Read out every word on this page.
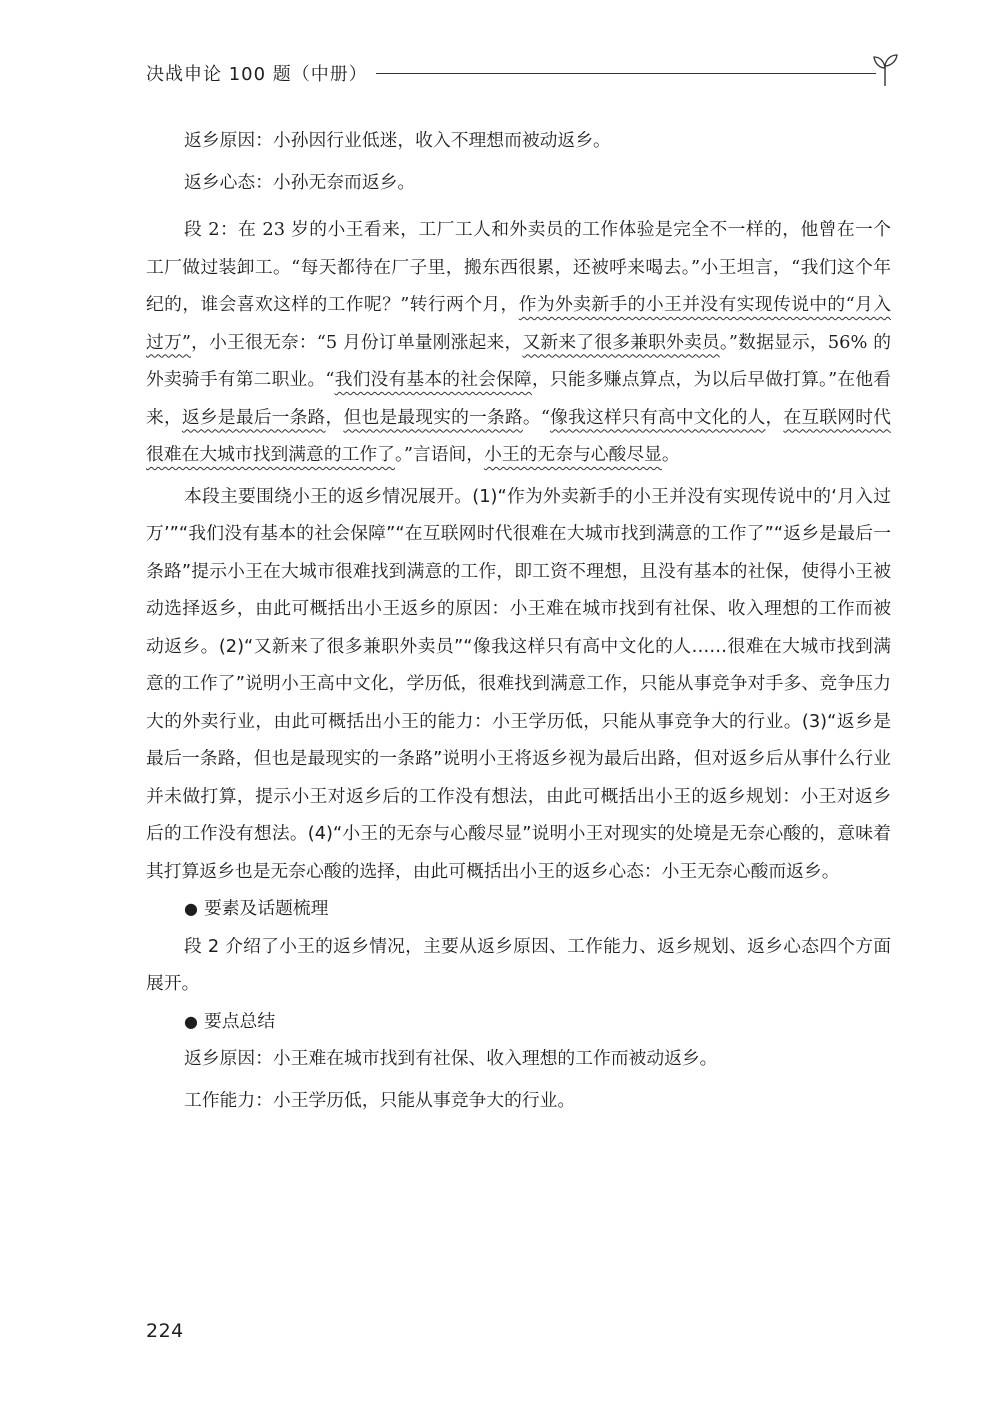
决战申论 100 题（中册）

返乡原因：小孙因行业低迷，收入不理想而被动返乡。

返乡心态：小孙无奈而返乡。

段 2：在 23 岁的小王看来，工厂工人和外卖员的工作体验是完全不一样的，他曾在一个工厂做过装卸工。“每天都待在厂子里，搬东西很累，还被呼来喝去。”小王坦言，“我们这个年纪的，谁会喜欢这样的工作呢？”转行两个月，作为外卖新手的小王并没有实现传说中的“月入过万”，小王很无奈：“5 月份订单量刚涨起来，又新来了很多兼职外卖员。”数据显示，56% 的外卖骑手有第二职业。“我们没有基本的社会保障，只能多赚点算点，为以后早做打算。”在他看来，返乡是最后一条路，但也是最现实的一条路。“像我这样只有高中文化的人，在互联网时代很难在大城市找到满意的工作了。”言语间，小王的无奈与心酸尽显。

本段主要围绕小王的返乡情况展开。(1)“作为外卖新手的小王并没有实现传说中的‘月入过万’”“我们没有基本的社会保障”“在互联网时代很难在大城市找到满意的工作了”“返乡是最后一条路”提示小王在大城市很难找到满意的工作，即工资不理想，且没有基本的社保，使得小王被动选择返乡，由此可概括出小王返乡的原因：小王难在城市找到有社保、收入理想的工作而被动返乡。(2)“又新来了很多兼职外卖员”“像我这样只有高中文化的人……很难在大城市找到满意的工作了”说明小王高中文化，学历低，很难找到满意工作，只能从事竞争对手多、竞争压力大的外卖行业，由此可概括出小王的能力：小王学历低，只能从事竞争大的行业。(3)“返乡是最后一条路，但也是最现实的一条路”说明小王将返乡视为最后出路，但对返乡后从事什么行业并未做打算，提示小王对返乡后的工作没有想法，由此可概括出小王的返乡规划：小王对返乡后的工作没有想法。(4)“小王的无奈与心酸尽显”说明小王对现实的处境是无奈心酸的，意味着其打算返乡也是无奈心酸的选择，由此可概括出小王的返乡心态：小王无奈心酸而返乡。

● 要素及话题梳理

段 2 介绍了小王的返乡情况，主要从返乡原因、工作能力、返乡规划、返乡心态四个方面展开。

● 要点总结

返乡原因：小王难在城市找到有社保、收入理想的工作而被动返乡。

工作能力：小王学历低，只能从事竞争大的行业。

224
